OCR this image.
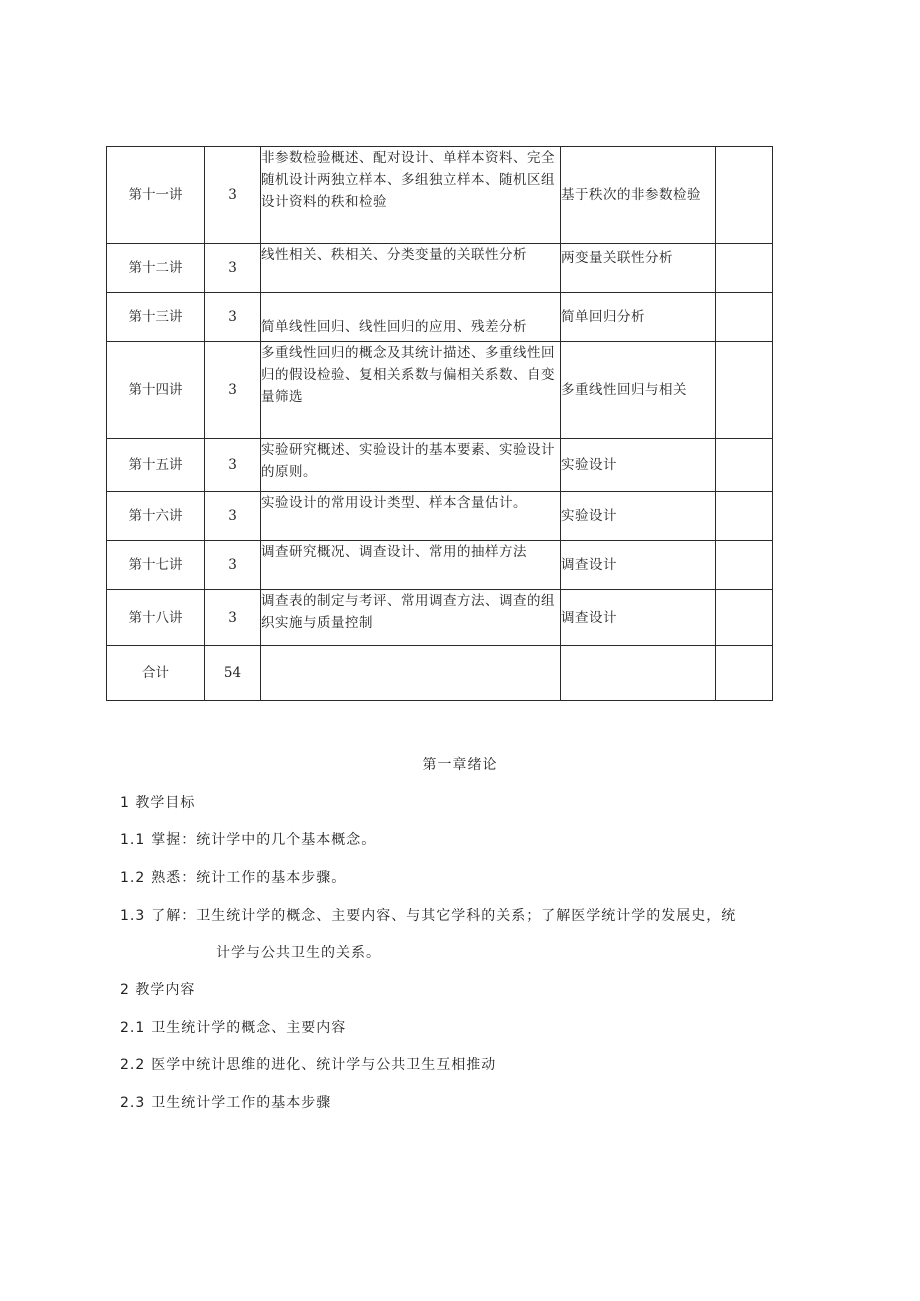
第十一讲	3	非参数检验概述、配对设计、单样本资料、完全随机设计两独立样本、多组独立样本、随机区组设计资料的秩和检验	基于秩次的非参数检验	
第十二讲	3	线性相关、秩相关、分类变量的关联性分析	两变量关联性分析	
第十三讲	3	简单线性回归、线性回归的应用、残差分析	简单回归分析	
第十四讲	3	多重线性回归的概念及其统计描述、多重线性回归的假设检验、复相关系数与偏相关系数、自变量筛选	多重线性回归与相关	
第十五讲	3	实验研究概述、实验设计的基本要素、实验设计的原则。	实验设计	
第十六讲	3	实验设计的常用设计类型、样本含量估计。	实验设计	
第十七讲	3	调查研究概况、调查设计、常用的抽样方法	调查设计	
第十八讲	3	调查表的制定与考评、常用调查方法、调查的组织实施与质量控制	调查设计	
合计	54			
第一章绪论
1 教学目标
1.1 掌握：统计学中的几个基本概念。
1.2 熟悉：统计工作的基本步骤。
1.3 了解：卫生统计学的概念、主要内容、与其它学科的关系；了解医学统计学的发展史，统
计学与公共卫生的关系。
2 教学内容
2.1 卫生统计学的概念、主要内容
2.2 医学中统计思维的进化、统计学与公共卫生互相推动
2.3 卫生统计学工作的基本步骤
